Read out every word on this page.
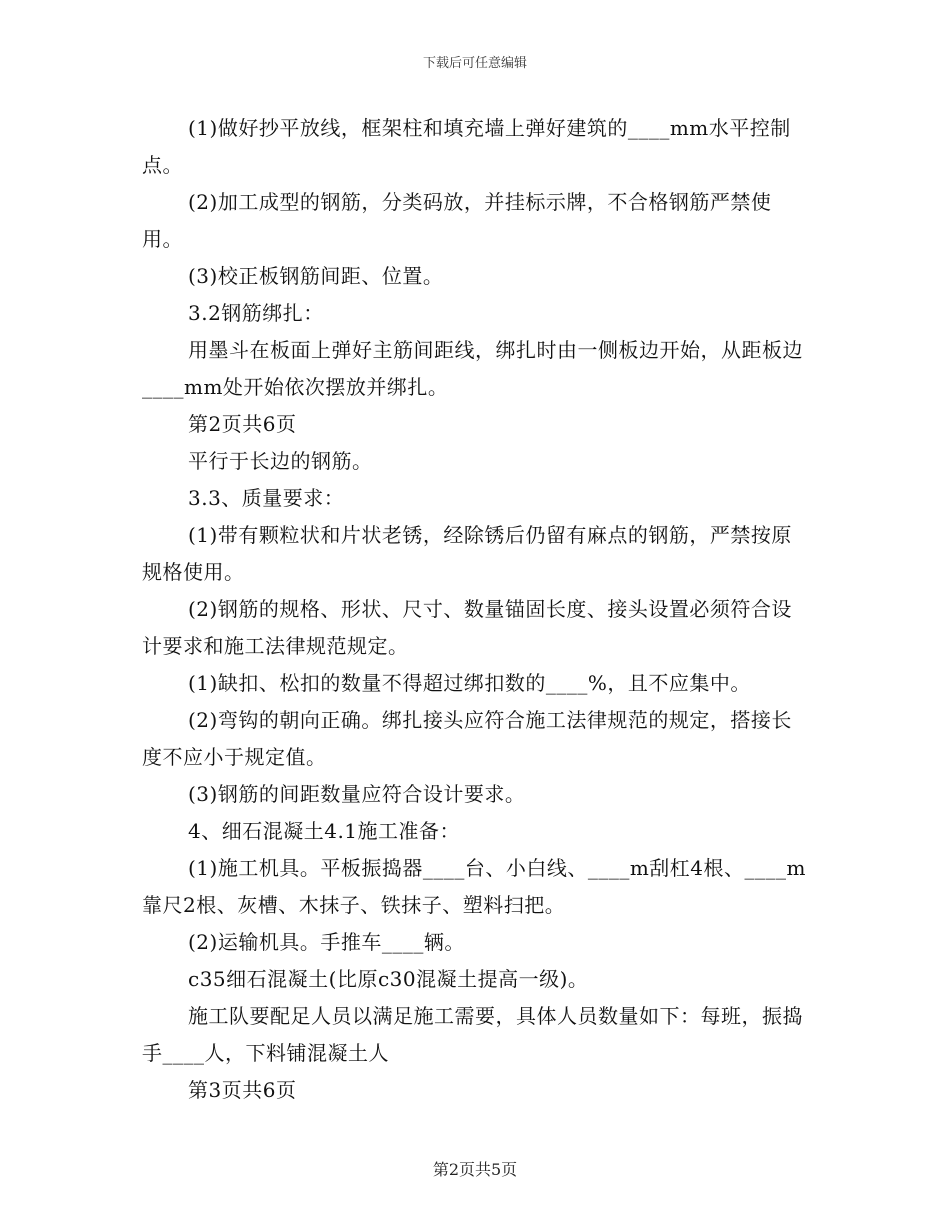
下载后可任意编辑

(1)做好抄平放线，框架柱和填充墙上弹好建筑的____mm水平控制点。

(2)加工成型的钢筋，分类码放，并挂标示牌，不合格钢筋严禁使用。

(3)校正板钢筋间距、位置。

3.2钢筋绑扎：

用墨斗在板面上弹好主筋间距线，绑扎时由一侧板边开始，从距板边____mm处开始依次摆放并绑扎。

第2页共6页

平行于长边的钢筋。

3.3、质量要求：

(1)带有颗粒状和片状老锈，经除锈后仍留有麻点的钢筋，严禁按原规格使用。

(2)钢筋的规格、形状、尺寸、数量锚固长度、接头设置必须符合设计要求和施工法律规范规定。

(1)缺扣、松扣的数量不得超过绑扣数的____%，且不应集中。

(2)弯钩的朝向正确。绑扎接头应符合施工法律规范的规定，搭接长度不应小于规定值。

(3)钢筋的间距数量应符合设计要求。

4、细石混凝土4.1施工准备：

(1)施工机具。平板振捣器____台、小白线、____m刮杠4根、____m靠尺2根、灰槽、木抹子、铁抹子、塑料扫把。

(2)运输机具。手推车____辆。

c35细石混凝土(比原c30混凝土提高一级)。

施工队要配足人员以满足施工需要，具体人员数量如下：每班，振捣手____人，下料铺混凝土人

第3页共6页

第2页共5页
